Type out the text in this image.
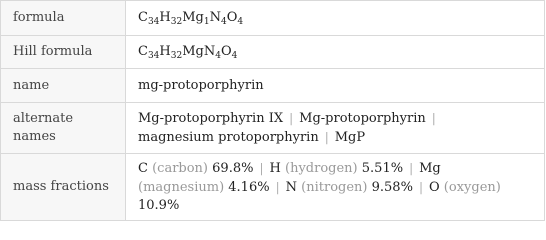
formula	$C_{34}H_{32}Mg_1N_4O_4$
Hill formula	$C_{34}H_{32}MgN_4O_4$
name	mg-protoporphyrin
alternate names	Mg-protoporphyrin IX | Mg-protoporphyrin |
magnesium protoporphyrin | MgP
mass fractions	C (carbon) 69.8% | H (hydrogen) 5.51% | Mg
(magnesium) 4.16% | N (nitrogen) 9.58% | O (oxygen)
10.9%
